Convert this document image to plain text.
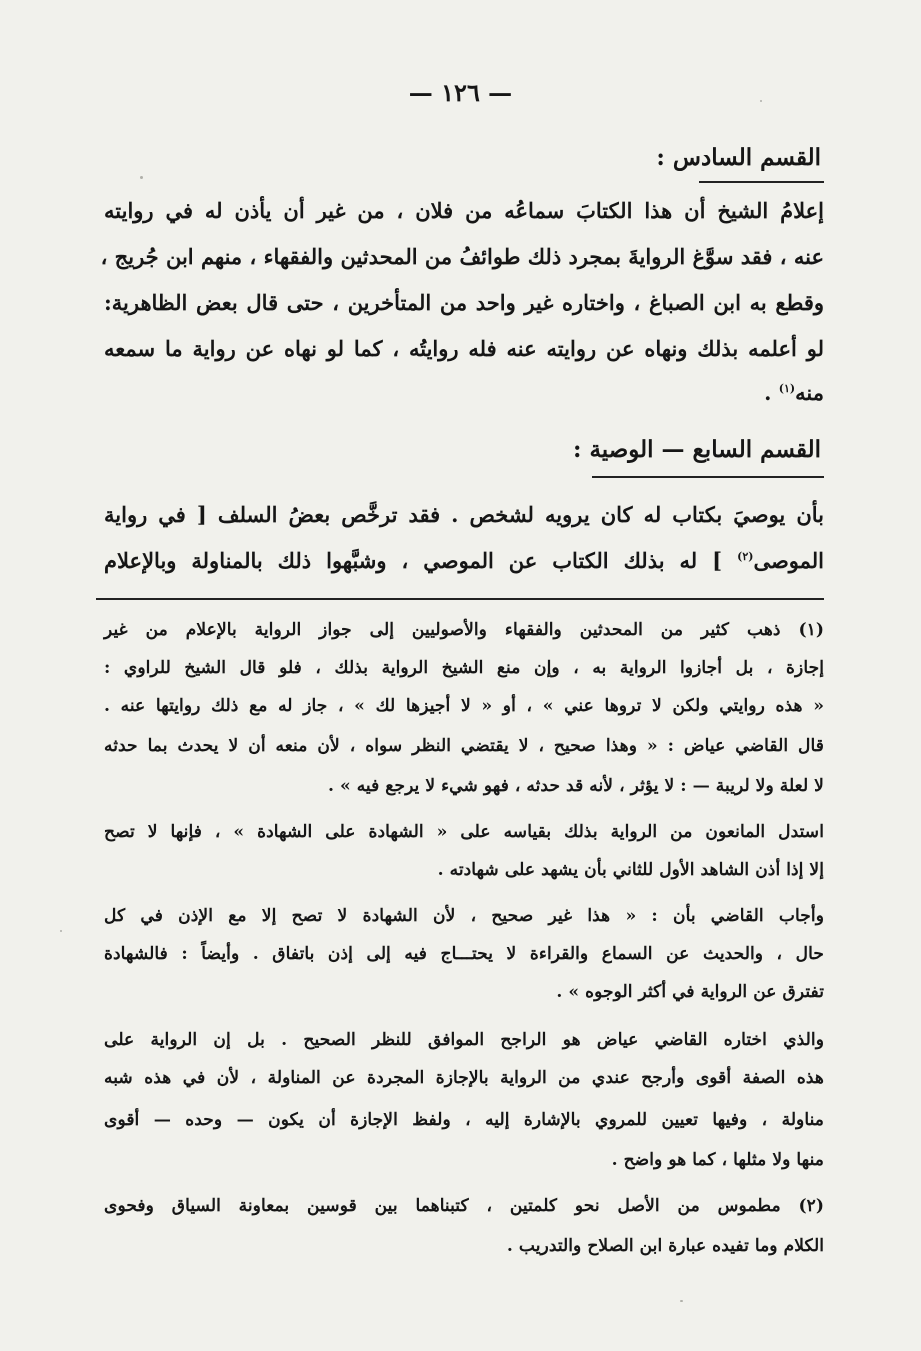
— ١٢٦ —
القسم السادس :
إعلامُ الشيخ أن هذا الكتابَ سماعُه من فلان ، من غير أن يأذن له في روايته
عنه ، فقد سوَّغ الروايةَ بمجرد ذلك طوائفُ من المحدثين والفقهاء ، منهم ابن جُريج ،
وقطع به ابن الصباغ ، واختاره غير واحد من المتأخرين ، حتى قال بعض الظاهرية:
لو أعلمه بذلك ونهاه عن روايته عنه فله روايتُه ، كما لو نهاه عن رواية ما سمعه
منه$^{(١)}$ .
القسم السابع — الوصية :
بأن يوصيَ بكتاب له كان يرويه لشخص . فقد ترخَّص بعضُ السلف [ في رواية
الموصى$^{(٢)}$ ] له بذلك الكتاب عن الموصي ، وشبَّهوا ذلك بالمناولة وبالإعلام
(١) ذهب كثير من المحدثين والفقهاء والأصوليين إلى جواز الرواية بالإعلام من غير
إجازة ، بل أجازوا الرواية به ، وإن منع الشيخ الرواية بذلك ، فلو قال الشيخ للراوي :
« هذه روايتي ولكن لا تروها عني » ، أو « لا أجيزها لك » ، جاز له مع ذلك روايتها عنه .
قال القاضي عياض : « وهذا صحيح ، لا يقتضي النظر سواه ، لأن منعه أن لا يحدث بما حدثه
لا لعلة ولا لريبة — : لا يؤثر ، لأنه قد حدثه ، فهو شيء لا يرجع فيه » .
استدل المانعون من الرواية بذلك بقياسه على « الشهادة على الشهادة » ، فإنها لا تصح
إلا إذا أذن الشاهد الأول للثاني بأن يشهد على شهادته .
وأجاب القاضي بأن : « هذا غير صحيح ، لأن الشهادة لا تصح إلا مع الإذن في كل
حال ، والحديث عن السماع والقراءة لا يحتـــاج فيه إلى إذن باتفاق . وأيضاً : فالشهادة
تفترق عن الرواية في أكثر الوجوه » .
والذي اختاره القاضي عياض هو الراجح الموافق للنظر الصحيح . بل إن الرواية على
هذه الصفة أقوى وأرجح عندي من الرواية بالإجازة المجردة عن المناولة ، لأن في هذه شبه
مناولة ، وفيها تعيين للمروي بالإشارة إليه ، ولفظ الإجازة أن يكون — وحده — أقوى
منها ولا مثلها ، كما هو واضح .
(٢) مطموس من الأصل نحو كلمتين ، كتبناهما بين قوسين بمعاونة السياق وفحوى
الكلام وما تفيده عبارة ابن الصلاح والتدريب .
